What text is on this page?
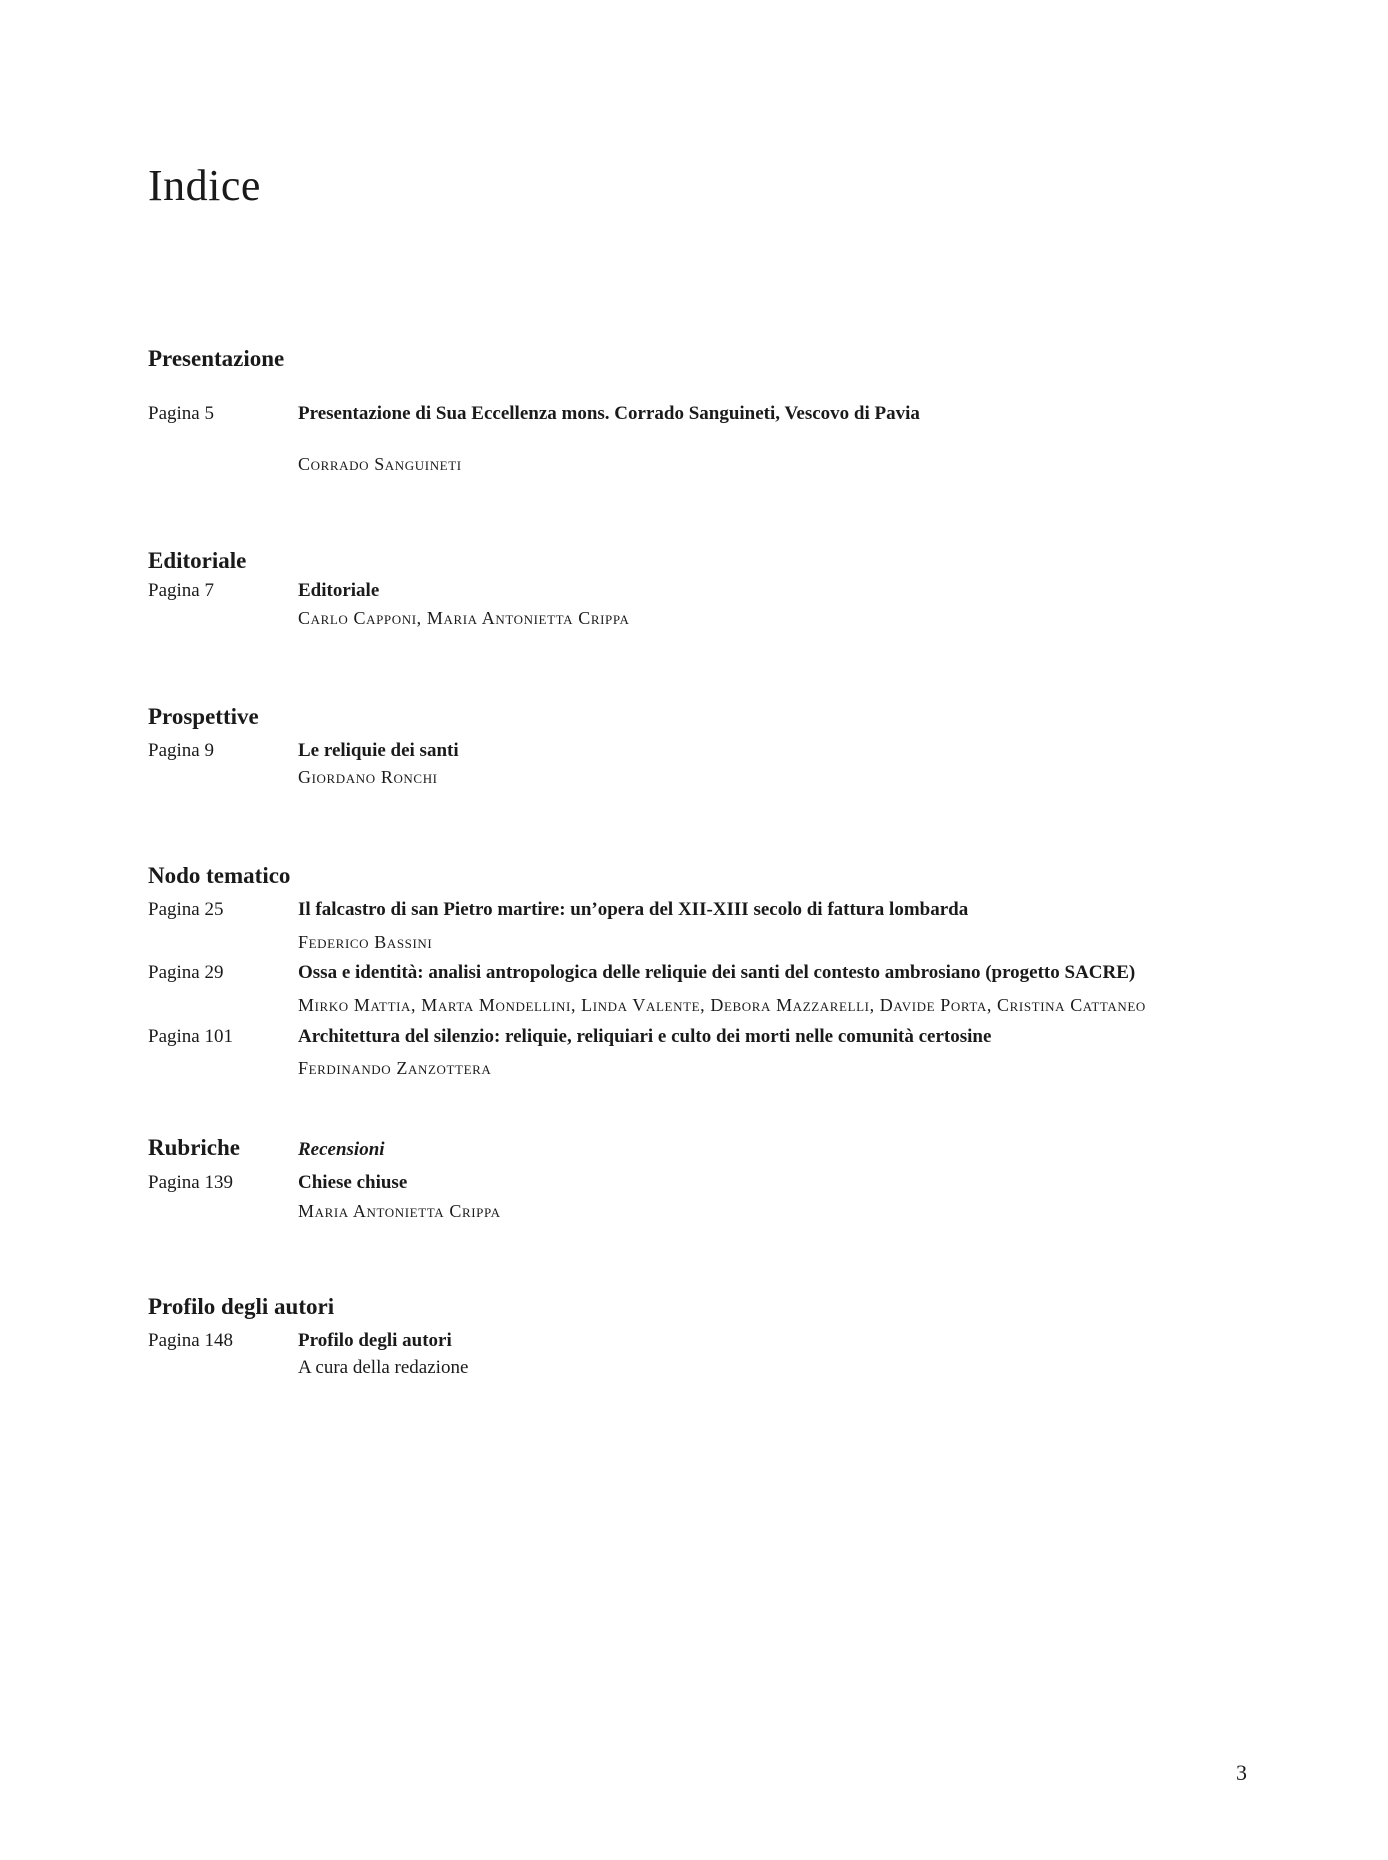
Indice
Presentazione
Pagina 5	Presentazione di Sua Eccellenza mons. Corrado Sanguineti, Vescovo di Pavia
Corrado Sanguineti
Editoriale
Pagina 7	Editoriale
Carlo Capponi, Maria Antonietta Crippa
Prospettive
Pagina 9	Le reliquie dei santi
Giordano Ronchi
Nodo tematico
Pagina 25	Il falcastro di san Pietro martire: un’opera del XII-XIII secolo di fattura lombarda
Federico Bassini
Pagina 29	Ossa e identità: analisi antropologica delle reliquie dei santi del contesto ambrosiano (progetto SACRE)
Mirko Mattia, Marta Mondellini, Linda Valente, Debora Mazzarelli, Davide Porta, Cristina Cattaneo
Pagina 101	Architettura del silenzio: reliquie, reliquiari e culto dei morti nelle comunità certosine
Ferdinando Zanzottera
Rubriche	Recensioni
Pagina 139	Chiese chiuse
Maria Antonietta Crippa
Profilo degli autori
Pagina 148	Profilo degli autori
A cura della redazione
3
